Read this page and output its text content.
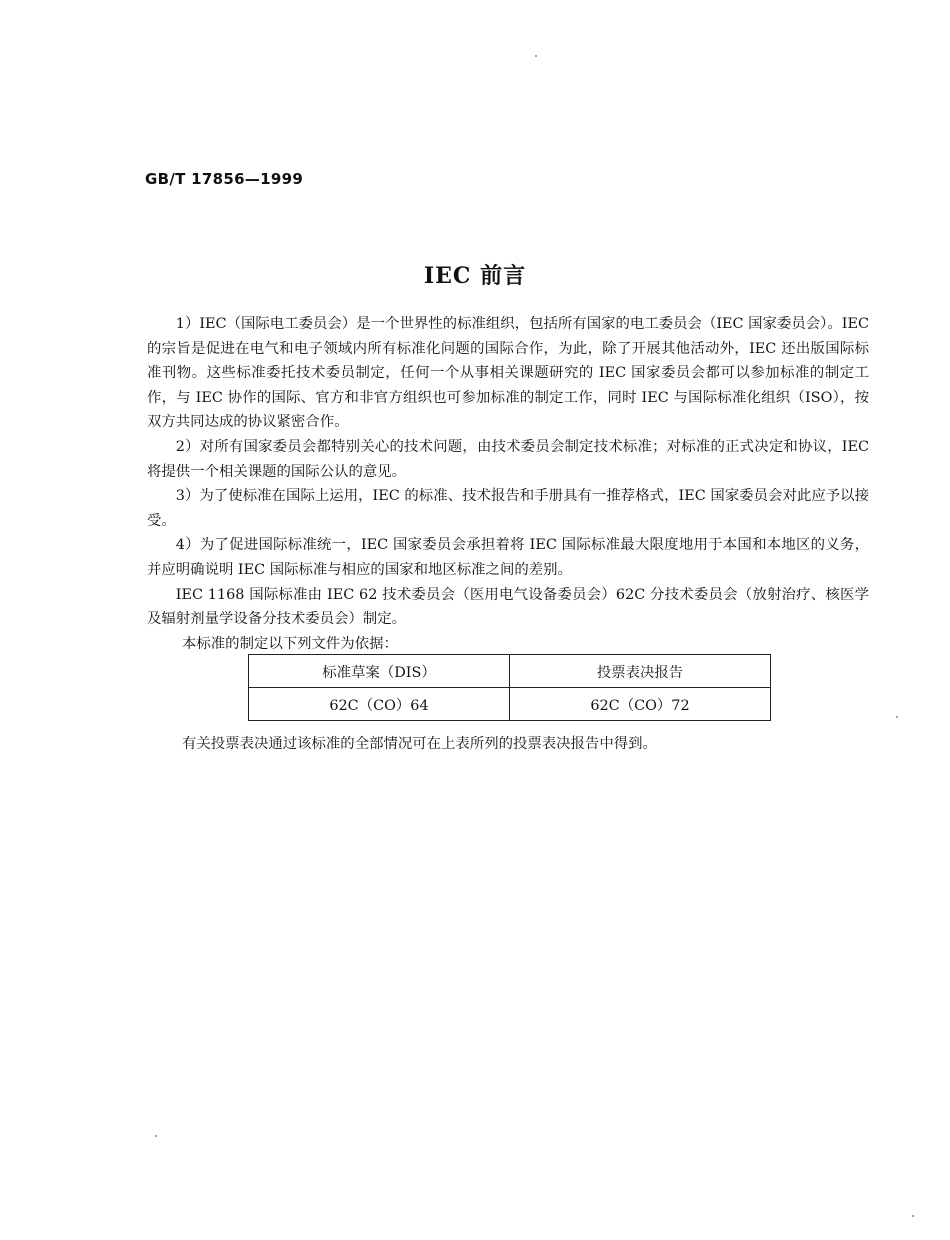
GB/T 17856—1999
IEC 前言

1）IEC（国际电工委员会）是一个世界性的标准组织，包括所有国家的电工委员会（IEC 国家委员会）。IEC 的宗旨是促进在电气和电子领域内所有标准化问题的国际合作，为此，除了开展其他活动外，IEC 还出版国际标准刊物。这些标准委托技术委员制定，任何一个从事相关课题研究的 IEC 国家委员会都可以参加标准的制定工作，与 IEC 协作的国际、官方和非官方组织也可参加标准的制定工作，同时 IEC 与国际标准化组织（ISO），按双方共同达成的协议紧密合作。

2）对所有国家委员会都特别关心的技术问题，由技术委员会制定技术标准；对标准的正式决定和协议，IEC 将提供一个相关课题的国际公认的意见。

3）为了使标准在国际上运用，IEC 的标准、技术报告和手册具有一推荐格式，IEC 国家委员会对此应予以接受。

4）为了促进国际标准统一，IEC 国家委员会承担着将 IEC 国际标准最大限度地用于本国和本地区的义务，并应明确说明 IEC 国际标准与相应的国家和地区标准之间的差别。

IEC 1168 国际标准由 IEC 62 技术委员会（医用电气设备委员会）62C 分技术委员会（放射治疗、核医学及辐射剂量学设备分技术委员会）制定。

本标准的制定以下列文件为依据：
标准草案（DIS）	投票表决报告
62C（CO）64	62C（CO）72
有关投票表决通过该标准的全部情况可在上表所列的投票表决报告中得到。
